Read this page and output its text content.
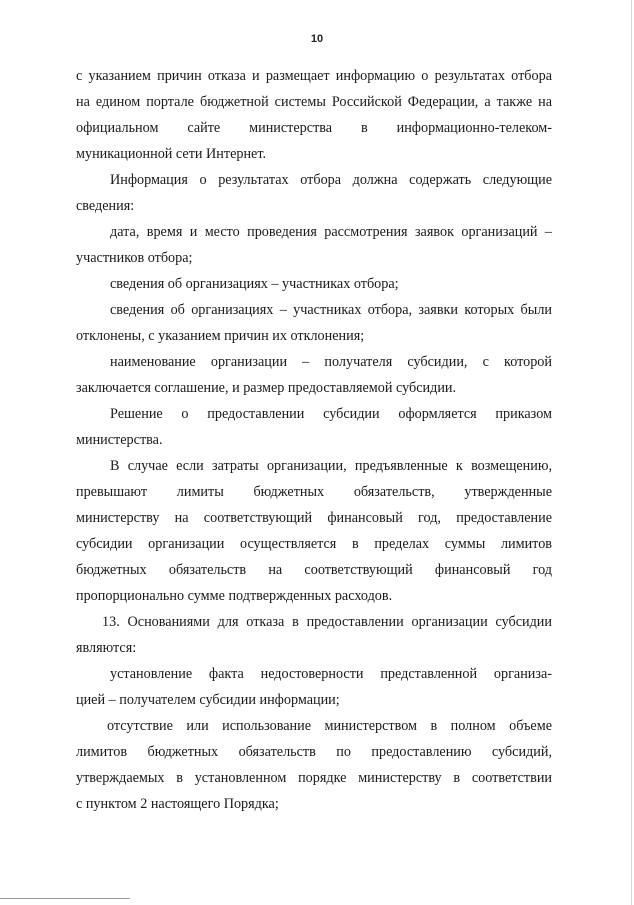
10
с указанием причин отказа и размещает информацию о результатах отбора
на едином портале бюджетной системы Российской Федерации, а также на
официальном сайте министерства в информационно-телеком-
муникационной сети Интернет.
Информация о результатах отбора должна содержать следующие
сведения:
дата, время и место проведения рассмотрения заявок организаций –
участников отбора;
сведения об организациях – участниках отбора;
сведения об организациях – участниках отбора, заявки которых были
отклонены, с указанием причин их отклонения;
наименование организации – получателя субсидии, с которой
заключается соглашение, и размер предоставляемой субсидии.
Решение о предоставлении субсидии оформляется приказом
министерства.
В случае если затраты организации, предъявленные к возмещению,
превышают лимиты бюджетных обязательств, утвержденные
министерству на соответствующий финансовый год, предоставление
субсидии организации осуществляется в пределах суммы лимитов
бюджетных обязательств на соответствующий финансовый год
пропорционально сумме подтвержденных расходов.
13. Основаниями для отказа в предоставлении организации субсидии
являются:
установление факта недостоверности представленной организа-
цией – получателем субсидии информации;
отсутствие или использование министерством в полном объеме
лимитов бюджетных обязательств по предоставлению субсидий,
утверждаемых в установленном порядке министерству в соответствии
с пунктом 2 настоящего Порядка;
